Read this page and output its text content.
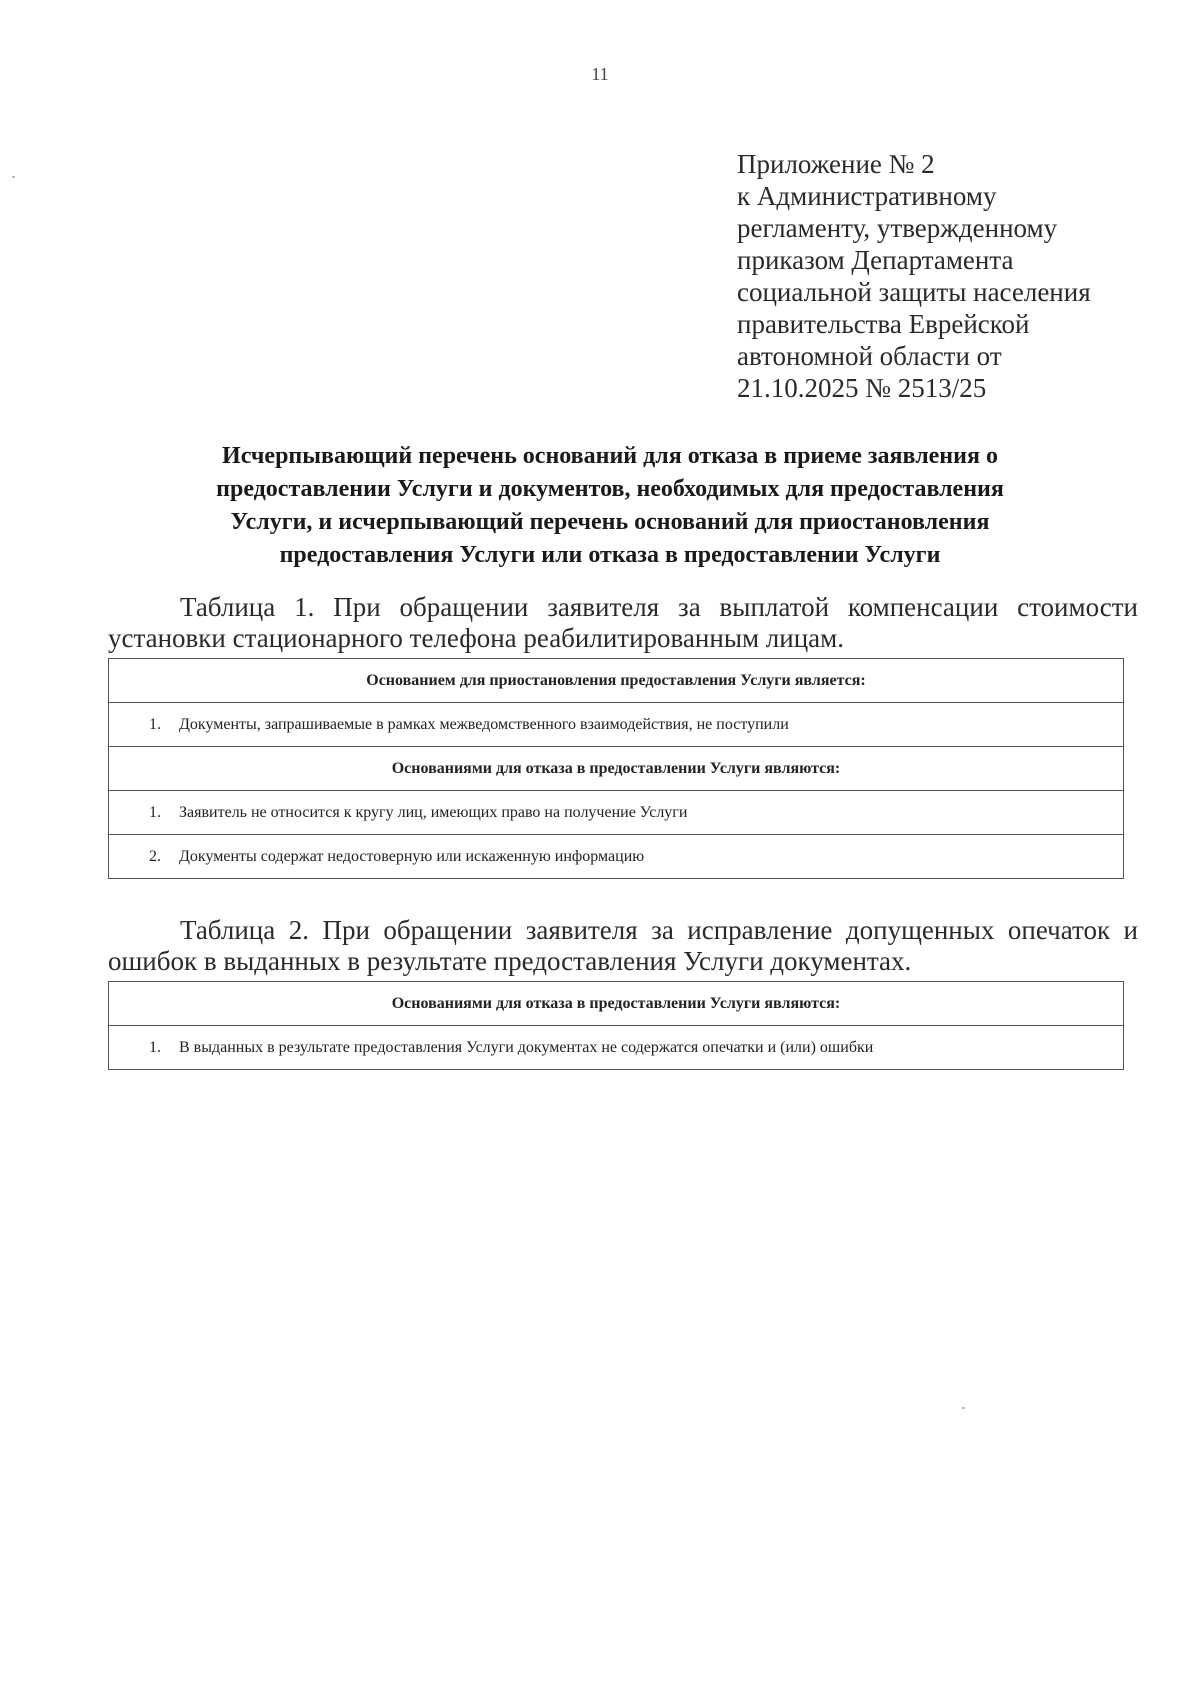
11
Приложение № 2
к Административному
регламенту, утвержденному
приказом Департамента
социальной защиты населения
правительства Еврейской
автономной области от
21.10.2025 № 2513/25
Исчерпывающий перечень оснований для отказа в приеме заявления о
предоставлении Услуги и документов, необходимых для предоставления
Услуги, и исчерпывающий перечень оснований для приостановления
предоставления Услуги или отказа в предоставлении Услуги
Таблица 1. При обращении заявителя за выплатой компенсации стоимости
установки стационарного телефона реабилитированным лицам.
Основанием для приостановления предоставления Услуги является:
1. Документы, запрашиваемые в рамках межведомственного взаимодействия, не поступили
Основаниями для отказа в предоставлении Услуги являются:
1. Заявитель не относится к кругу лиц, имеющих право на получение Услуги
2. Документы содержат недостоверную или искаженную информацию
Таблица 2. При обращении заявителя за исправление допущенных опечаток и
ошибок в выданных в результате предоставления Услуги документах.
Основаниями для отказа в предоставлении Услуги являются:
1. В выданных в результате предоставления Услуги документах не содержатся опечатки и (или) ошибки
